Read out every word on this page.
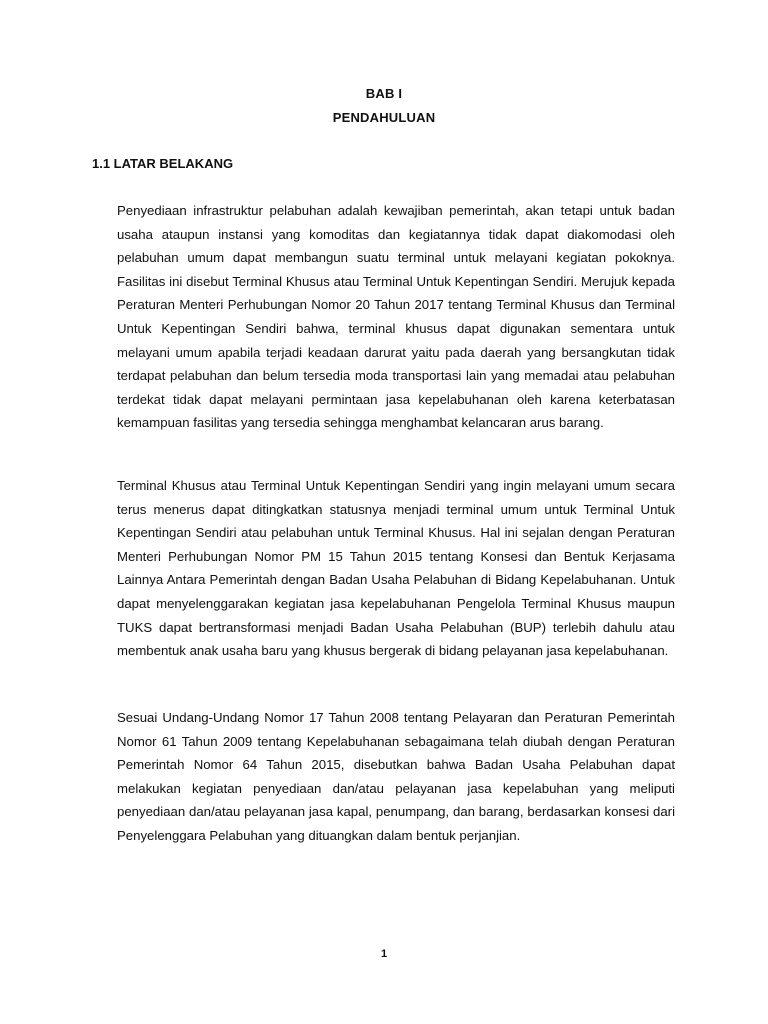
BAB I
PENDAHULUAN
1.1 LATAR BELAKANG

Penyediaan infrastruktur pelabuhan adalah kewajiban pemerintah, akan tetapi untuk badan usaha ataupun instansi yang komoditas dan kegiatannya tidak dapat diakomodasi oleh pelabuhan umum dapat membangun suatu terminal untuk melayani kegiatan pokoknya. Fasilitas ini disebut Terminal Khusus atau Terminal Untuk Kepentingan Sendiri. Merujuk kepada Peraturan Menteri Perhubungan Nomor 20 Tahun 2017 tentang Terminal Khusus dan Terminal Untuk Kepentingan Sendiri bahwa, terminal khusus dapat digunakan sementara untuk melayani umum apabila terjadi keadaan darurat yaitu pada daerah yang bersangkutan tidak terdapat pelabuhan dan belum tersedia moda transportasi lain yang memadai atau pelabuhan terdekat tidak dapat melayani permintaan jasa kepelabuhanan oleh karena keterbatasan kemampuan fasilitas yang tersedia sehingga menghambat kelancaran arus barang.

Terminal Khusus atau Terminal Untuk Kepentingan Sendiri yang ingin melayani umum secara terus menerus dapat ditingkatkan statusnya menjadi terminal umum untuk Terminal Untuk Kepentingan Sendiri atau pelabuhan untuk Terminal Khusus. Hal ini sejalan dengan Peraturan Menteri Perhubungan Nomor PM 15 Tahun 2015 tentang Konsesi dan Bentuk Kerjasama Lainnya Antara Pemerintah dengan Badan Usaha Pelabuhan di Bidang Kepelabuhanan. Untuk dapat menyelenggarakan kegiatan jasa kepelabuhanan Pengelola Terminal Khusus maupun TUKS dapat bertransformasi menjadi Badan Usaha Pelabuhan (BUP) terlebih dahulu atau membentuk anak usaha baru yang khusus bergerak di bidang pelayanan jasa kepelabuhanan.

Sesuai Undang-Undang Nomor 17 Tahun 2008 tentang Pelayaran dan Peraturan Pemerintah Nomor 61 Tahun 2009 tentang Kepelabuhanan sebagaimana telah diubah dengan Peraturan Pemerintah Nomor 64 Tahun 2015, disebutkan bahwa Badan Usaha Pelabuhan dapat melakukan kegiatan penyediaan dan/atau pelayanan jasa kepelabuhan yang meliputi penyediaan dan/atau pelayanan jasa kapal, penumpang, dan barang, berdasarkan konsesi dari Penyelenggara Pelabuhan yang dituangkan dalam bentuk perjanjian.

1
